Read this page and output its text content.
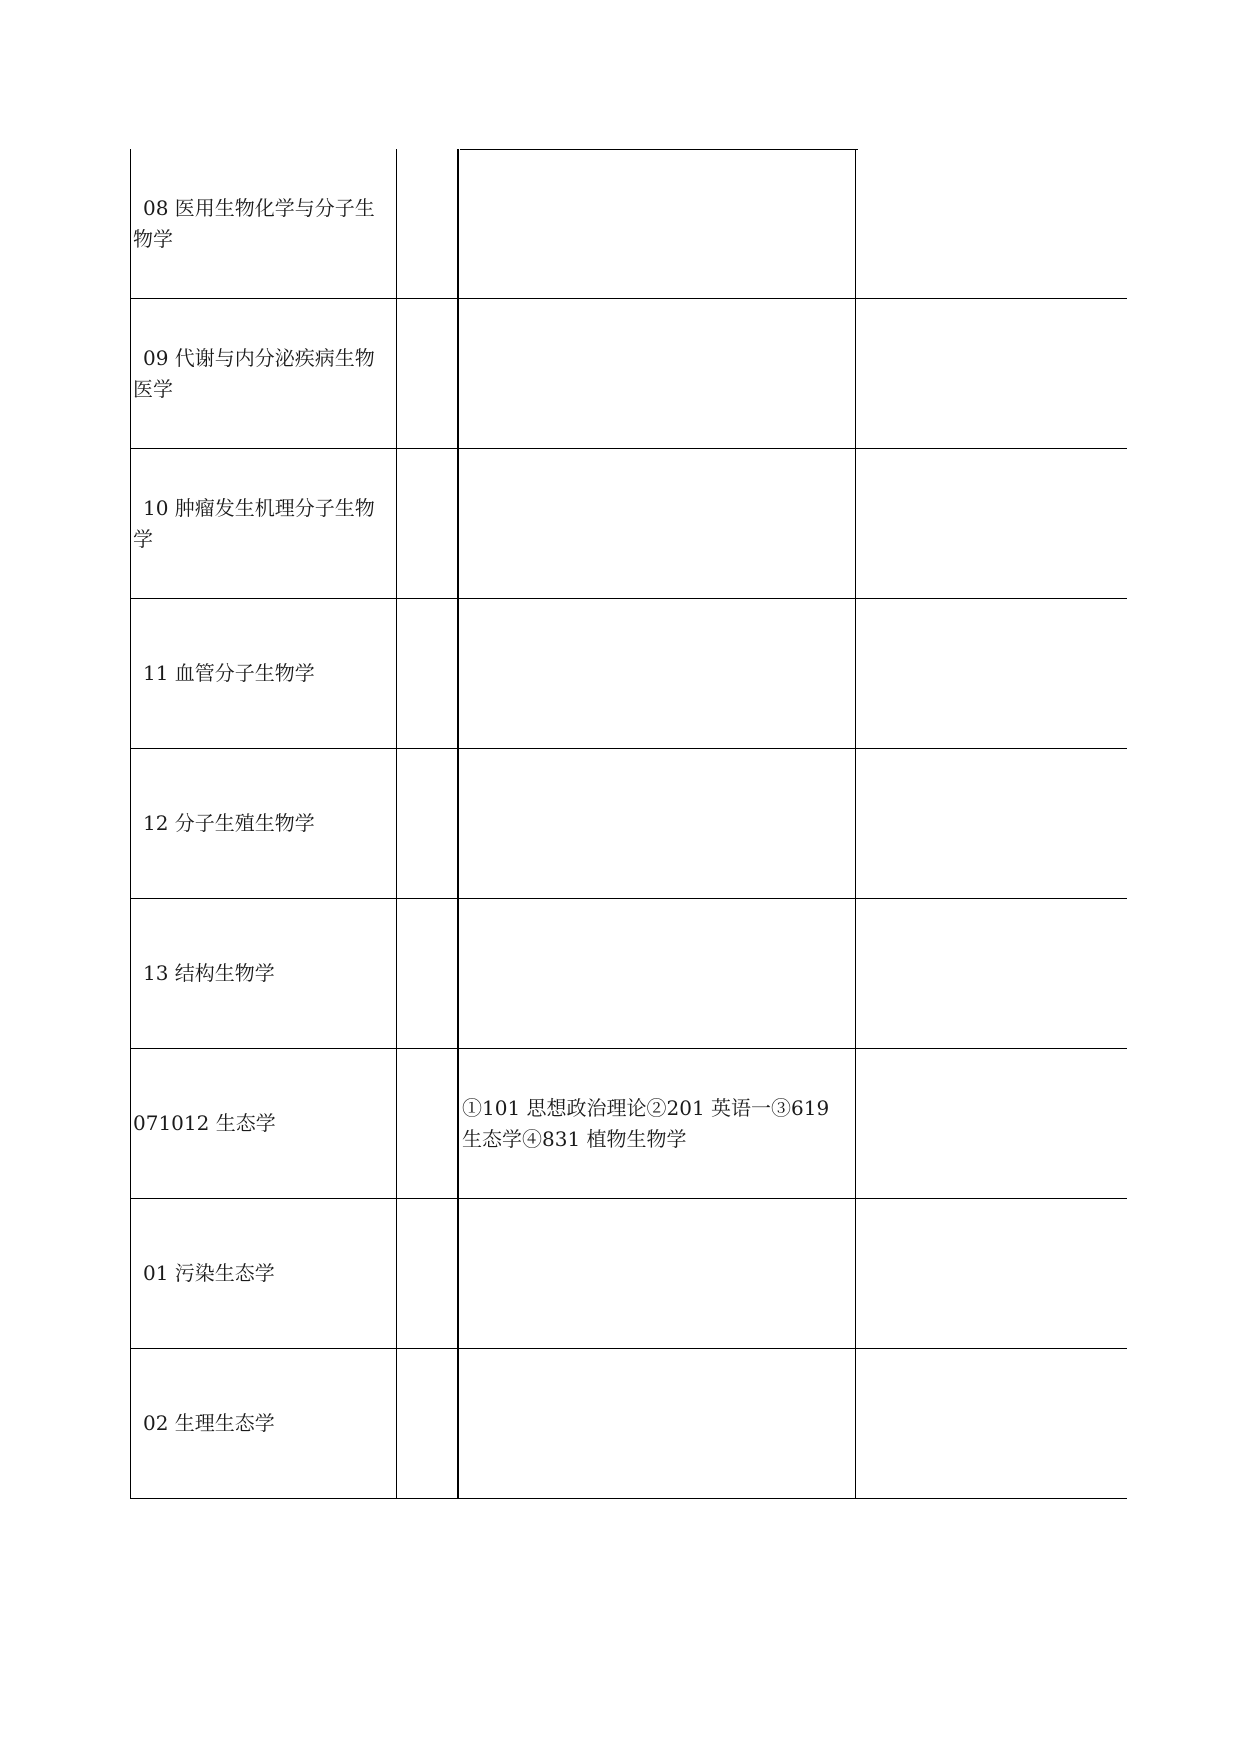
08 医用生物化学与分子生物学
09 代谢与内分泌疾病生物医学
10 肿瘤发生机理分子生物学
11 血管分子生物学
12 分子生殖生物学
13 结构生物学
071012 生态学
①101 思想政治理论②201 英语一③619 生态学④831 植物生物学
01 污染生态学
02 生理生态学
